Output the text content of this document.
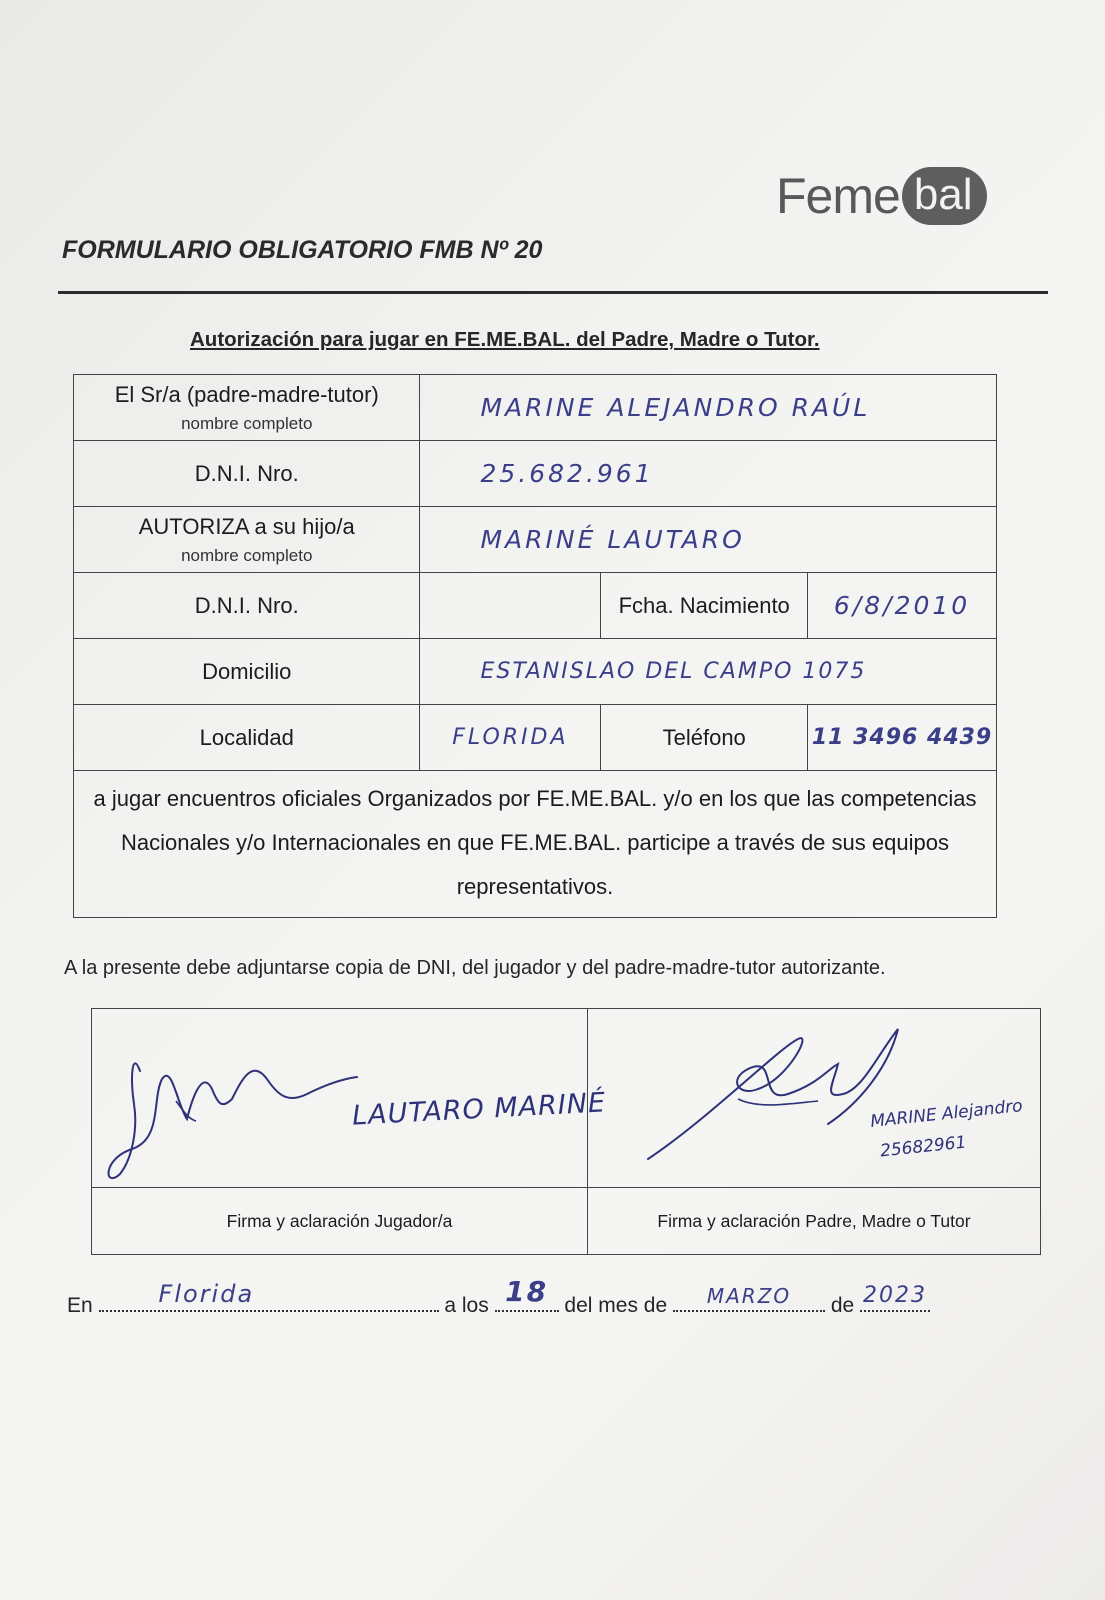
Feme bal
FORMULARIO OBLIGATORIO FMB Nº 20
Autorización para jugar en FE.ME.BAL. del Padre, Madre o Tutor.
El Sr/a (padre-madre-tutor)
nombre completo	MARINE ALEJANDRO RAÚL		
D.N.I. Nro.	25.682.961		

AUTORIZA a su hijo/a
nombre completo	MARINÉ LAUTARO		
D.N.I. Nro.		Fcha. Nacimiento	6/8/2010
Domicilio	ESTANISLAO DEL CAMPO 1075		
Localidad	FLORIDA	Teléfono	11 3496 4439
a jugar encuentros oficiales Organizados por FE.ME.BAL. y/o en los que las competencias Nacionales y/o Internacionales en que FE.ME.BAL. participe a través de sus equipos representativos.			
A la presente debe adjuntarse copia de DNI, del jugador y del padre-madre-tutor autorizante.
LAUTARO MARINÉ	MARINE Alejandro
25682961

Firma y aclaración Jugador/a	Firma y aclaración Padre, Madre o Tutor
En	Florida	a los 18 del mes de	MARZO	de 2023
